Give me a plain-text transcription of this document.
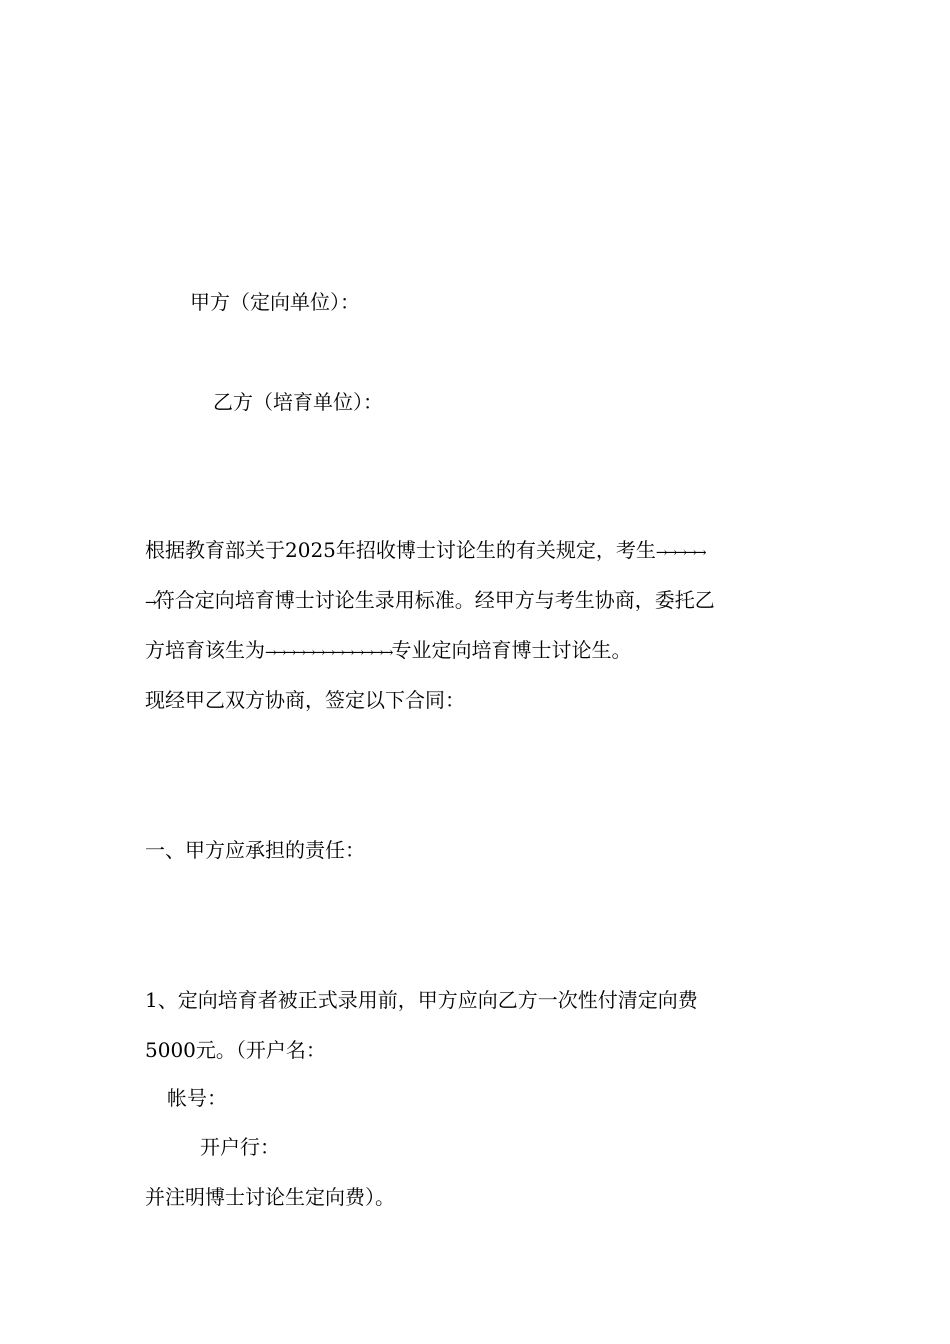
甲方（定向单位）：
乙方（培育单位）：
根据教育部关于2025年招收博士讨论生的有关规定，考生→→→→→
→符合定向培育博士讨论生录用标准。经甲方与考生协商，委托乙
方培育该生为→→→→→→→→→→→→→专业定向培育博士讨论生。
现经甲乙双方协商，签定以下合同：
一、甲方应承担的责任：
1、定向培育者被正式录用前，甲方应向乙方一次性付清定向费
5000元。（开户名：
帐号：
开户行：
并注明博士讨论生定向费）。
